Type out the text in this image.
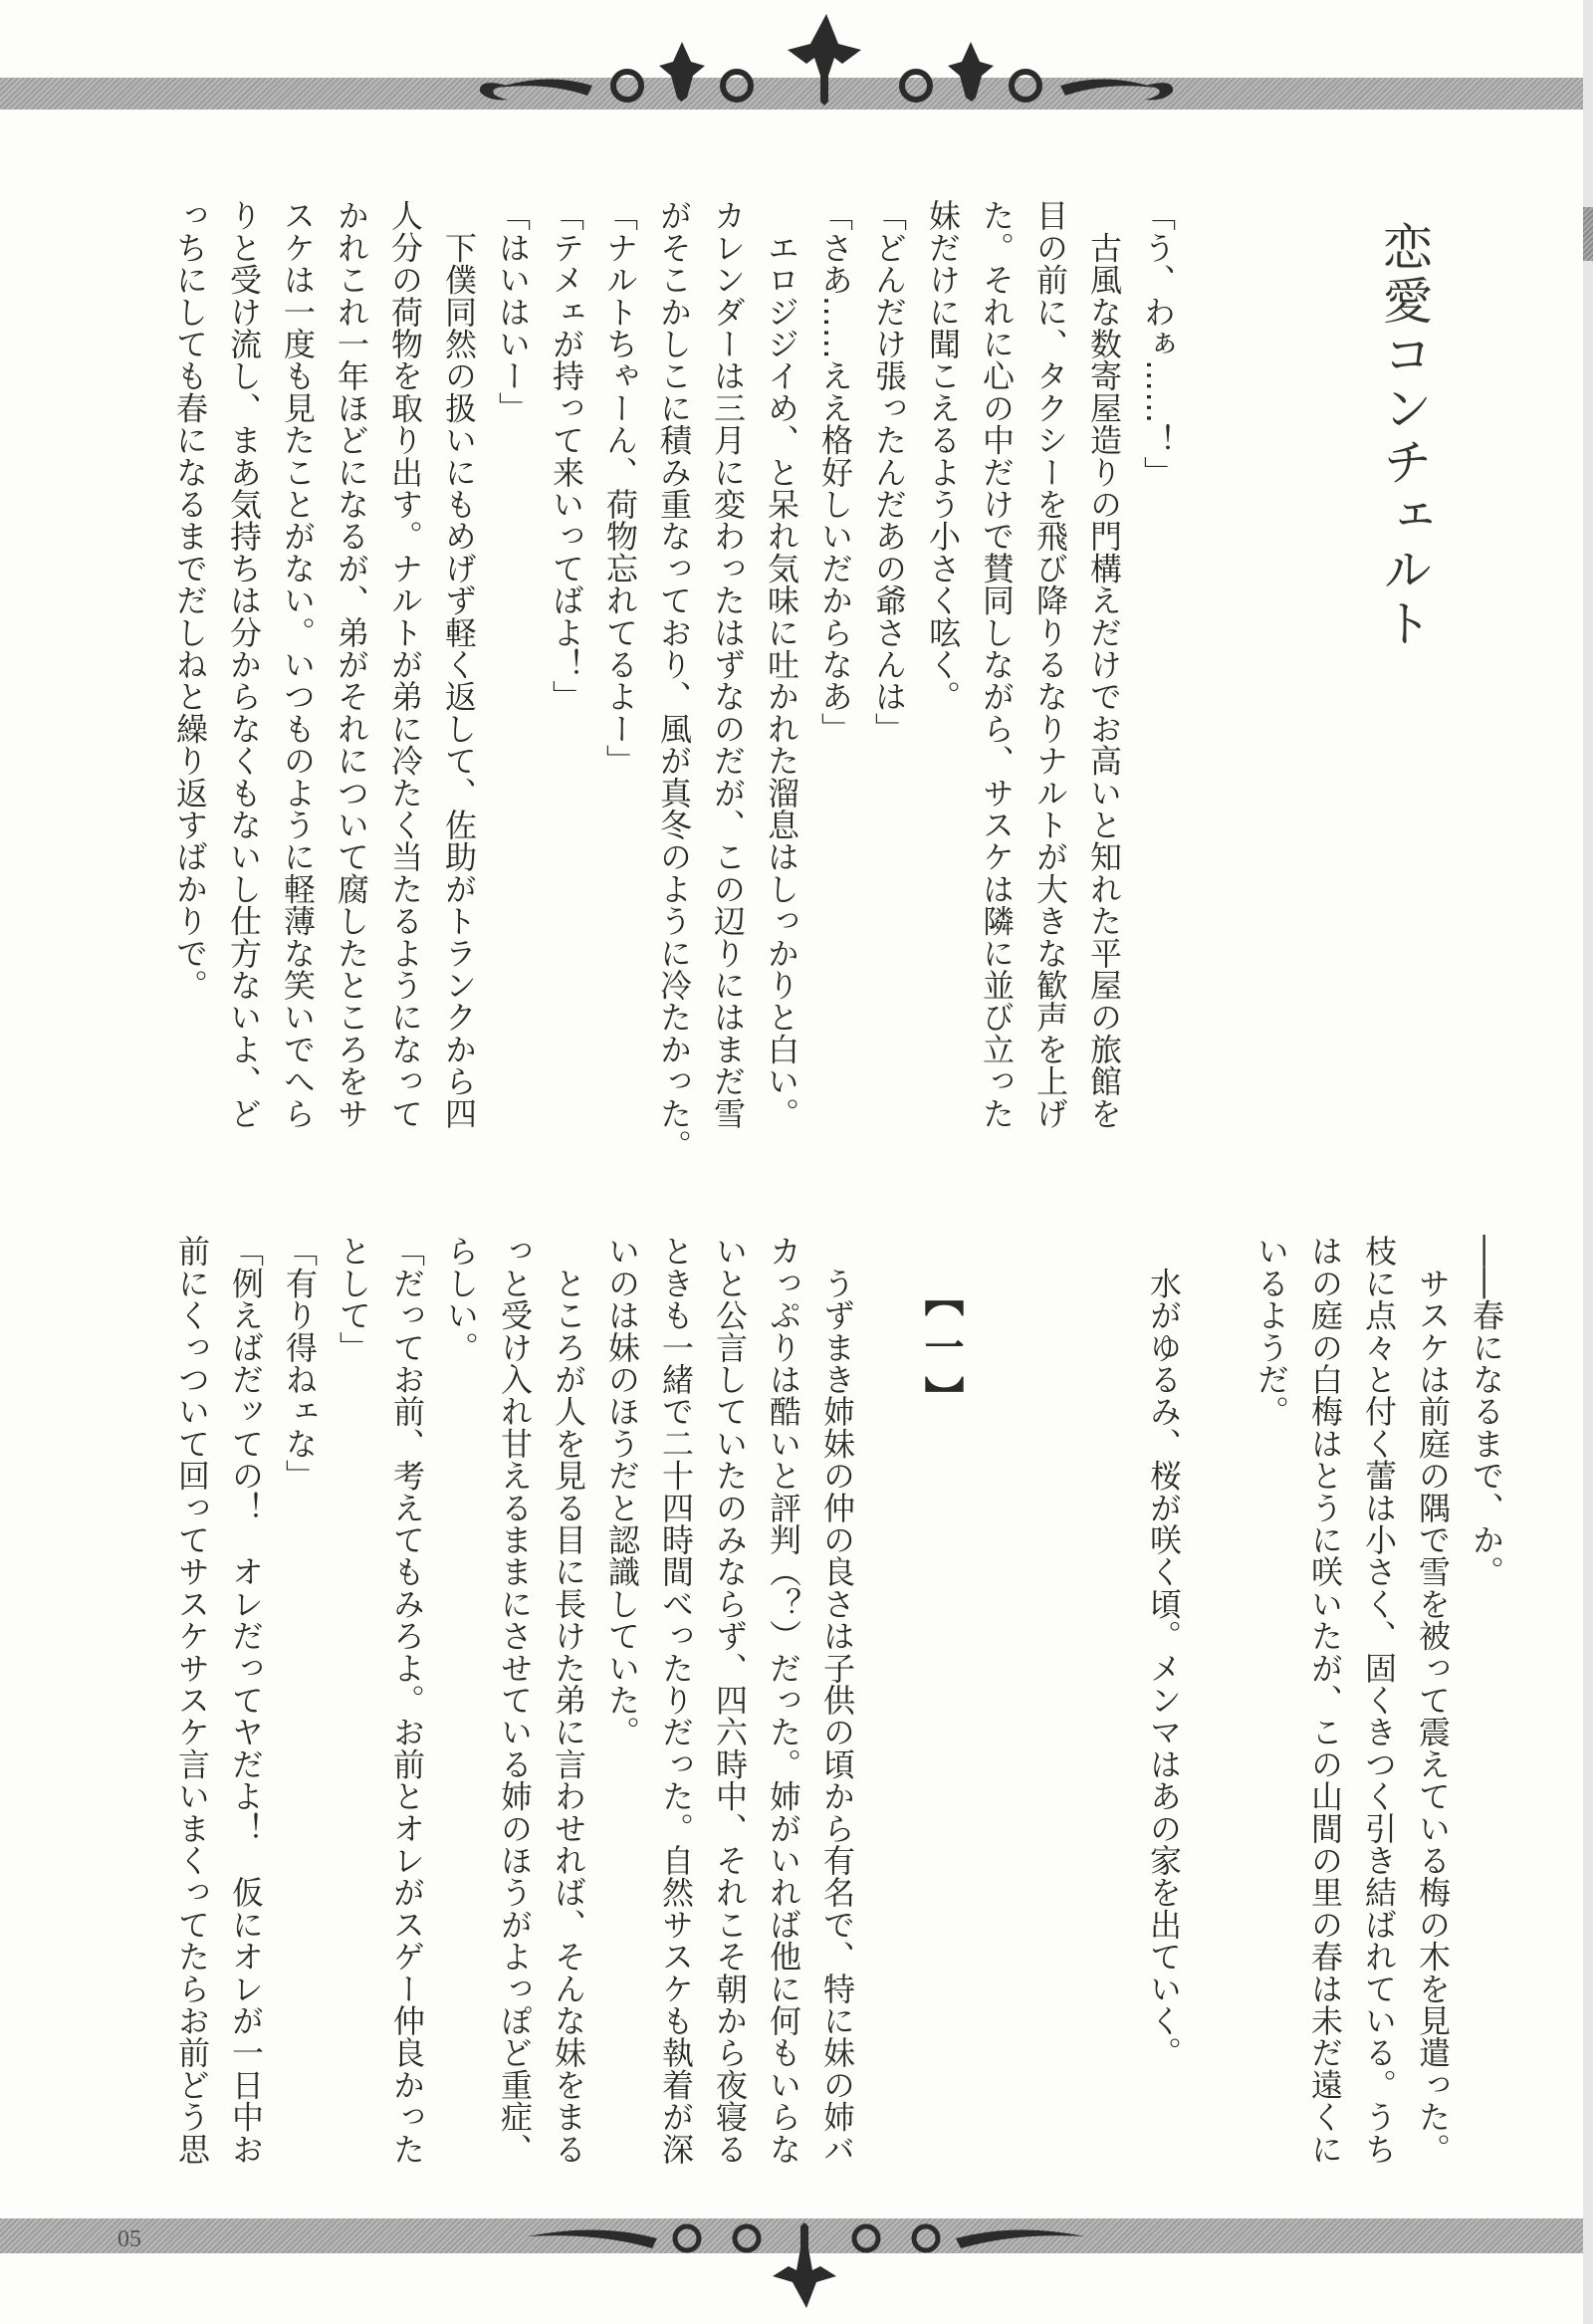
05
恋愛コンチェルト

「う、わぁ……！」

　古風な数寄屋造りの門構えだけでお高いと知れた平屋の旅館を

目の前に、タクシーを飛び降りるなりナルトが大きな歓声を上げ

た。それに心の中だけで賛同しながら、サスケは隣に並び立った

妹だけに聞こえるよう小さく呟く。

「どんだけ張ったんだあの爺さんは」

「さあ……ええ格好しいだからなあ」

　エロジジイめ、と呆れ気味に吐かれた溜息はしっかりと白い。

カレンダーは三月に変わったはずなのだが、この辺りにはまだ雪

がそこかしこに積み重なっており、風が真冬のように冷たかった。

「ナルトちゃーん、荷物忘れてるよー」

「テメェが持って来いってばよ！」

「はいはいー」

　下僕同然の扱いにもめげず軽く返して、佐助がトランクから四

人分の荷物を取り出す。ナルトが弟に冷たく当たるようになって

かれこれ一年ほどになるが、弟がそれについて腐したところをサ

スケは一度も見たことがない。いつものように軽薄な笑いでへら

りと受け流し、まあ気持ちは分からなくもないし仕方ないよ、ど

っちにしても春になるまでだしねと繰り返すばかりで。

――春になるまで、か。

　サスケは前庭の隅で雪を被って震えている梅の木を見遣った。

枝に点々と付く蕾は小さく、固くきつく引き結ばれている。うち

はの庭の白梅はとうに咲いたが、この山間の里の春は未だ遠くに

いるようだ。

　水がゆるみ、桜が咲く頃。メンマはあの家を出ていく。

【一】

　うずまき姉妹の仲の良さは子供の頃から有名で、特に妹の姉バ

カっぷりは酷いと評判（？）だった。姉がいれば他に何もいらな

いと公言していたのみならず、四六時中、それこそ朝から夜寝る

ときも一緒で二十四時間べったりだった。自然サスケも執着が深

いのは妹のほうだと認識していた。

　ところが人を見る目に長けた弟に言わせれば、そんな妹をまる

っと受け入れ甘えるままにさせている姉のほうがよっぽど重症、

らしい。

「だってお前、考えてもみろよ。お前とオレがスゲー仲良かった

として」

「有り得ねェな」

「例えばだッての！　オレだってヤだよ！　仮にオレが一日中お

前にくっついて回ってサスケサスケ言いまくってたらお前どう思
